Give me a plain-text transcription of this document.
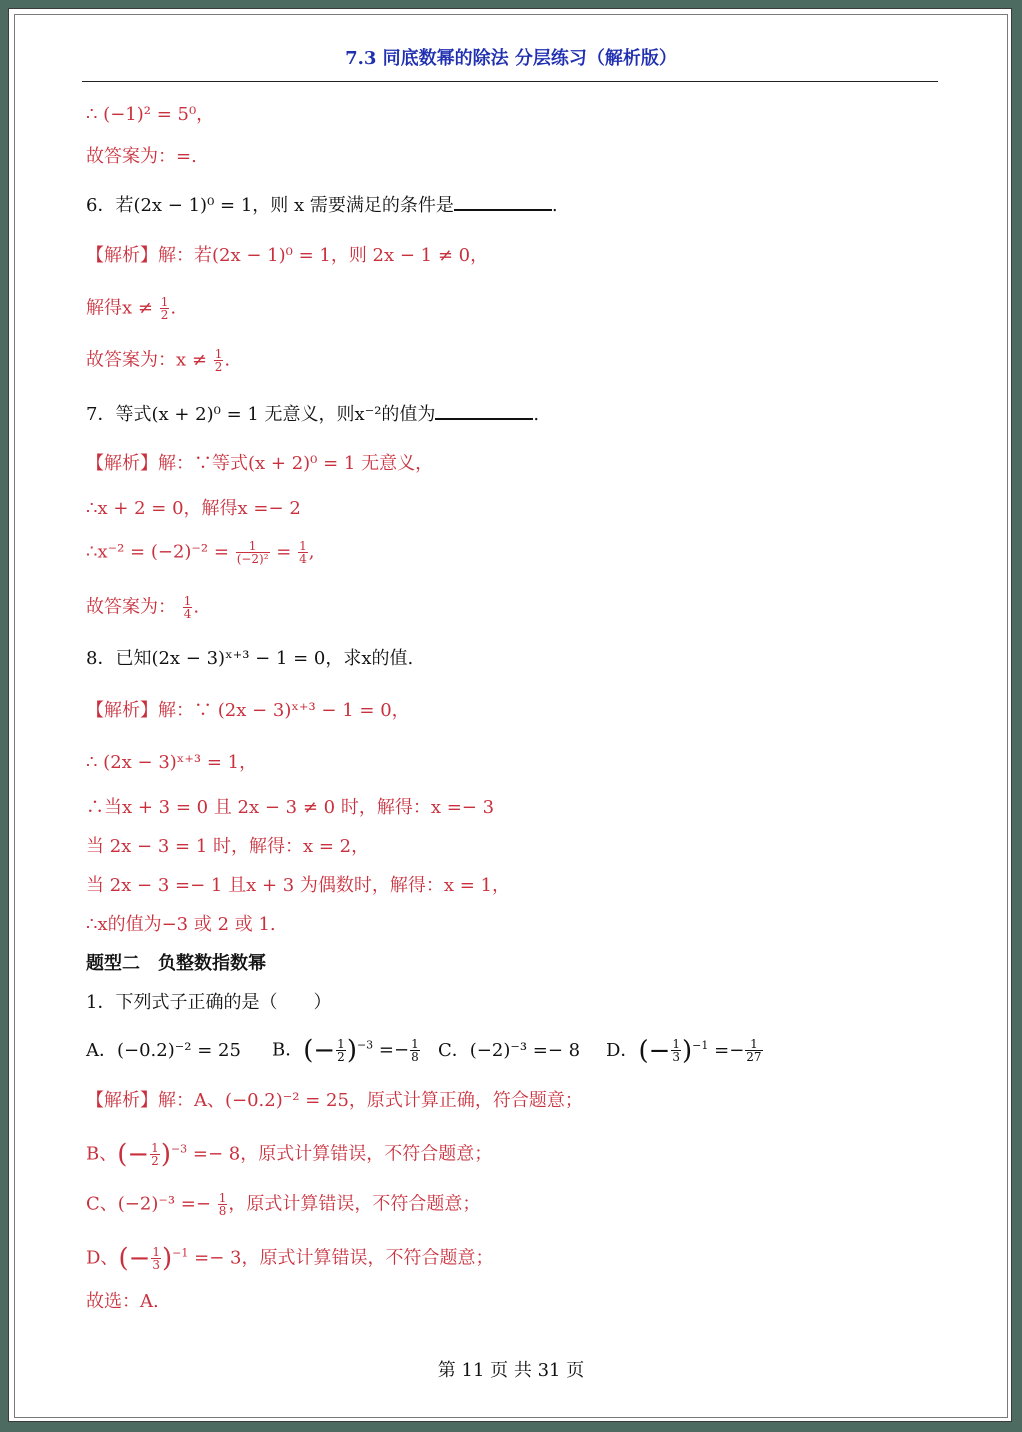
7.3 同底数幂的除法 分层练习（解析版）
∴ (−1)² = 5⁰，
故答案为：=.
6．若(2x − 1)⁰ = 1，则 x 需要满足的条件是	.
【解析】解：若(2x − 1)⁰ = 1，则 2x − 1 ≠ 0，
解得$x \ne \frac{1}{2}$ .
故答案为：$x \ne \frac{1}{2}$ .
7．等式(x + 2)⁰ = 1 无意义，则x⁻²的值为	.
【解析】解：∵等式(x + 2)⁰ = 1 无意义，
∴x + 2 = 0，解得x =− 2
∴x⁻² = $(-2)^{-2} = \frac{1}{\text{(−2)²}} = \frac{1}{4}$ ,
故答案为： $\frac{1}{4}$ .
8．已知(2x − 3)ˣ⁺³ − 1 = 0，求x的值.
【解析】解：∵ (2x − 3)ˣ⁺³ − 1 = 0，
∴ (2x − 3)ˣ⁺³ = 1，
∴当x + 3 = 0 且 2x − 3 ≠ 0 时，解得：x =− 3
当 2x − 3 = 1 时，解得：x = 2，
当 2x − 3 =− 1 且x + 3 为偶数时，解得：x = 1，
∴x的值为−3 或 2 或 1.
题型二　负整数指数幂
1．下列式子正确的是（　　）
A．(−0.2)⁻² = 25 B．(− $\frac{1}{2} )^{-3} =- \frac{1}{8}$ C．(−2)⁻³ =− 8 D．(− $\frac{1}{3} )^{-1} =- \frac{1}{27}$
【解析】解：A、(−0.2)⁻² = 25，原式计算正确，符合题意；
B、(− $\frac{1}{2} )^{-3} =- 8$，原式计算错误，不符合题意；
C、$(-2)^{-3} =- \frac{1}{8}$ ，原式计算错误，不符合题意；
D、(− $\frac{1}{3} )^{-1} =- 3$，原式计算错误，不符合题意；
故选：A.
第 11 页 共 31 页
